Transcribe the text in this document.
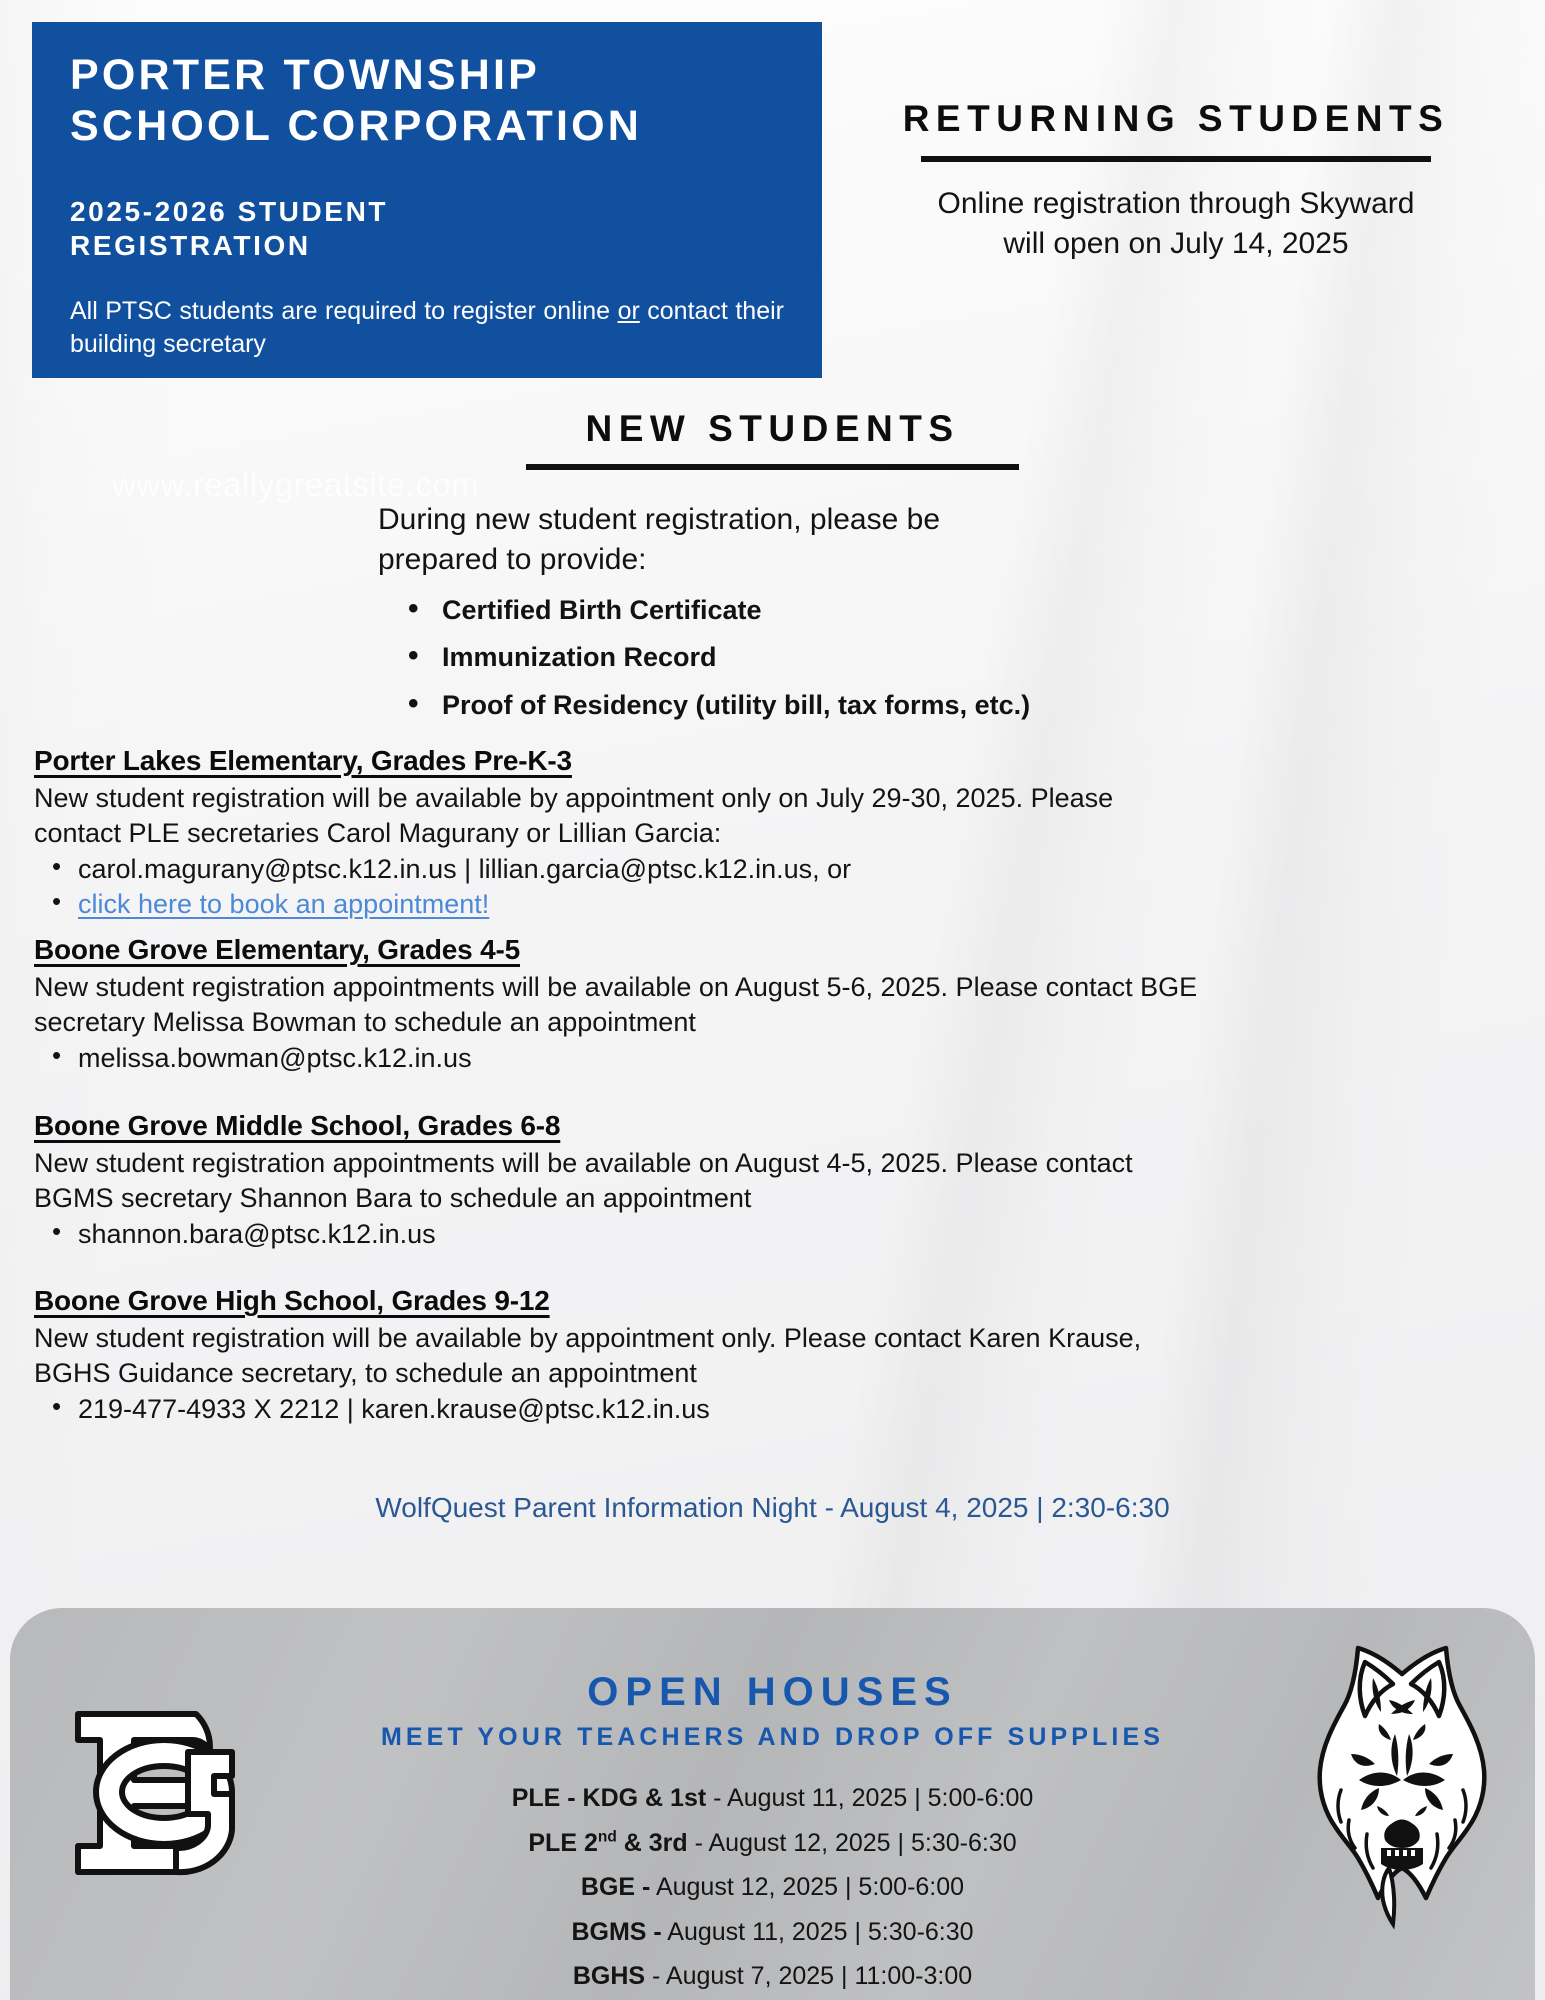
PORTER TOWNSHIP
SCHOOL CORPORATION
2025-2026 STUDENT
REGISTRATION
All PTSC students are required to register online or contact their building secretary
www.reallygreatsite.com
RETURNING STUDENTS
Online registration through Skyward
will open on July 14, 2025
NEW STUDENTS
During new student registration, please be
prepared to provide:
• Certified Birth Certificate
• Immunization Record
• Proof of Residency (utility bill, tax forms, etc.)
Porter Lakes Elementary, Grades Pre-K-3

New student registration will be available by appointment only on July 29-30, 2025. Please

contact PLE secretaries Carol Magurany or Lillian Garcia:

• carol.magurany@ptsc.k12.in.us | lillian.garcia@ptsc.k12.in.us, or
• click here to book an appointment!
Boone Grove Elementary, Grades 4-5

New student registration appointments will be available on August 5-6, 2025. Please contact BGE

secretary Melissa Bowman to schedule an appointment

• melissa.bowman@ptsc.k12.in.us
Boone Grove Middle School, Grades 6-8

New student registration appointments will be available on August 4-5, 2025. Please contact

BGMS secretary Shannon Bara to schedule an appointment

• shannon.bara@ptsc.k12.in.us
Boone Grove High School, Grades 9-12

New student registration will be available by appointment only. Please contact Karen Krause,

BGHS Guidance secretary, to schedule an appointment

• 219-477-4933 X 2212 | karen.krause@ptsc.k12.in.us
WolfQuest Parent Information Night - August 4, 2025 | 2:30-6:30
OPEN HOUSES
MEET YOUR TEACHERS AND DROP OFF SUPPLIES
PLE - KDG & 1st - August 11, 2025 | 5:00-6:00
PLE 2nd & 3rd - August 12, 2025 | 5:30-6:30
BGE - August 12, 2025 | 5:00-6:00
BGMS - August 11, 2025 | 5:30-6:30
BGHS - August 7, 2025 | 11:00-3:00
